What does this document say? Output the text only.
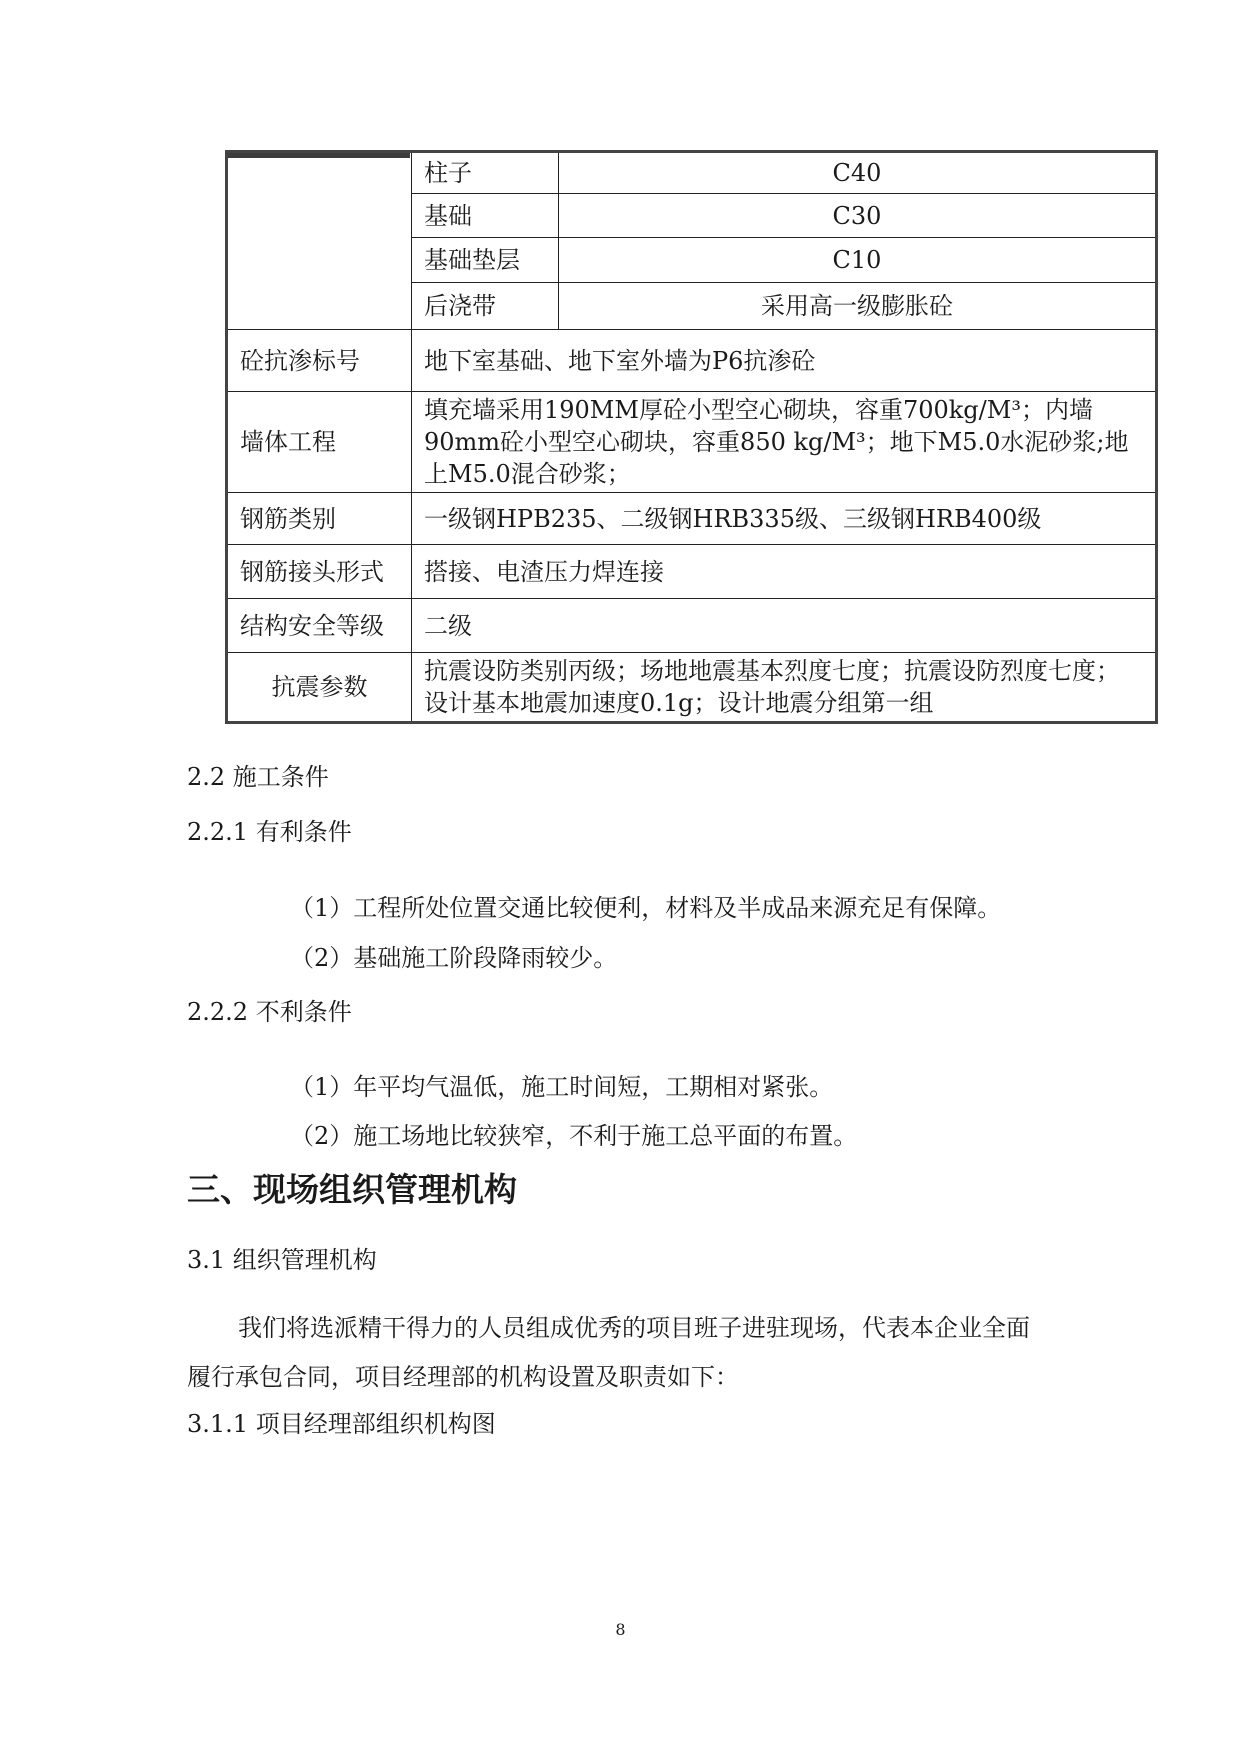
	柱子	C40
	基础	C30
	基础垫层	C10
	后浇带	采用高一级膨胀砼
砼抗渗标号	地下室基础、地下室外墙为P6抗渗砼	
墙体工程	填充墙采用190MM厚砼小型空心砌块，容重700kg/M³；内墙90mm砼小型空心砌块，容重850 kg/M³；地下M5.0水泥砂浆;地上M5.0混合砂浆；	
钢筋类别	一级钢HPB235、二级钢HRB335级、三级钢HRB400级	
钢筋接头形式	搭接、电渣压力焊连接	
结构安全等级	二级	
抗震参数	抗震设防类别丙级；场地地震基本烈度七度；抗震设防烈度七度；设计基本地震加速度0.1g；设计地震分组第一组	
2.2 施工条件
2.2.1 有利条件
（1）工程所处位置交通比较便利，材料及半成品来源充足有保障。
（2）基础施工阶段降雨较少。
2.2.2 不利条件
（1）年平均气温低，施工时间短，工期相对紧张。
（2）施工场地比较狭窄，不利于施工总平面的布置。
三、现场组织管理机构
3.1 组织管理机构
我们将选派精干得力的人员组成优秀的项目班子进驻现场，代表本企业全面
履行承包合同，项目经理部的机构设置及职责如下：
3.1.1 项目经理部组织机构图
8
